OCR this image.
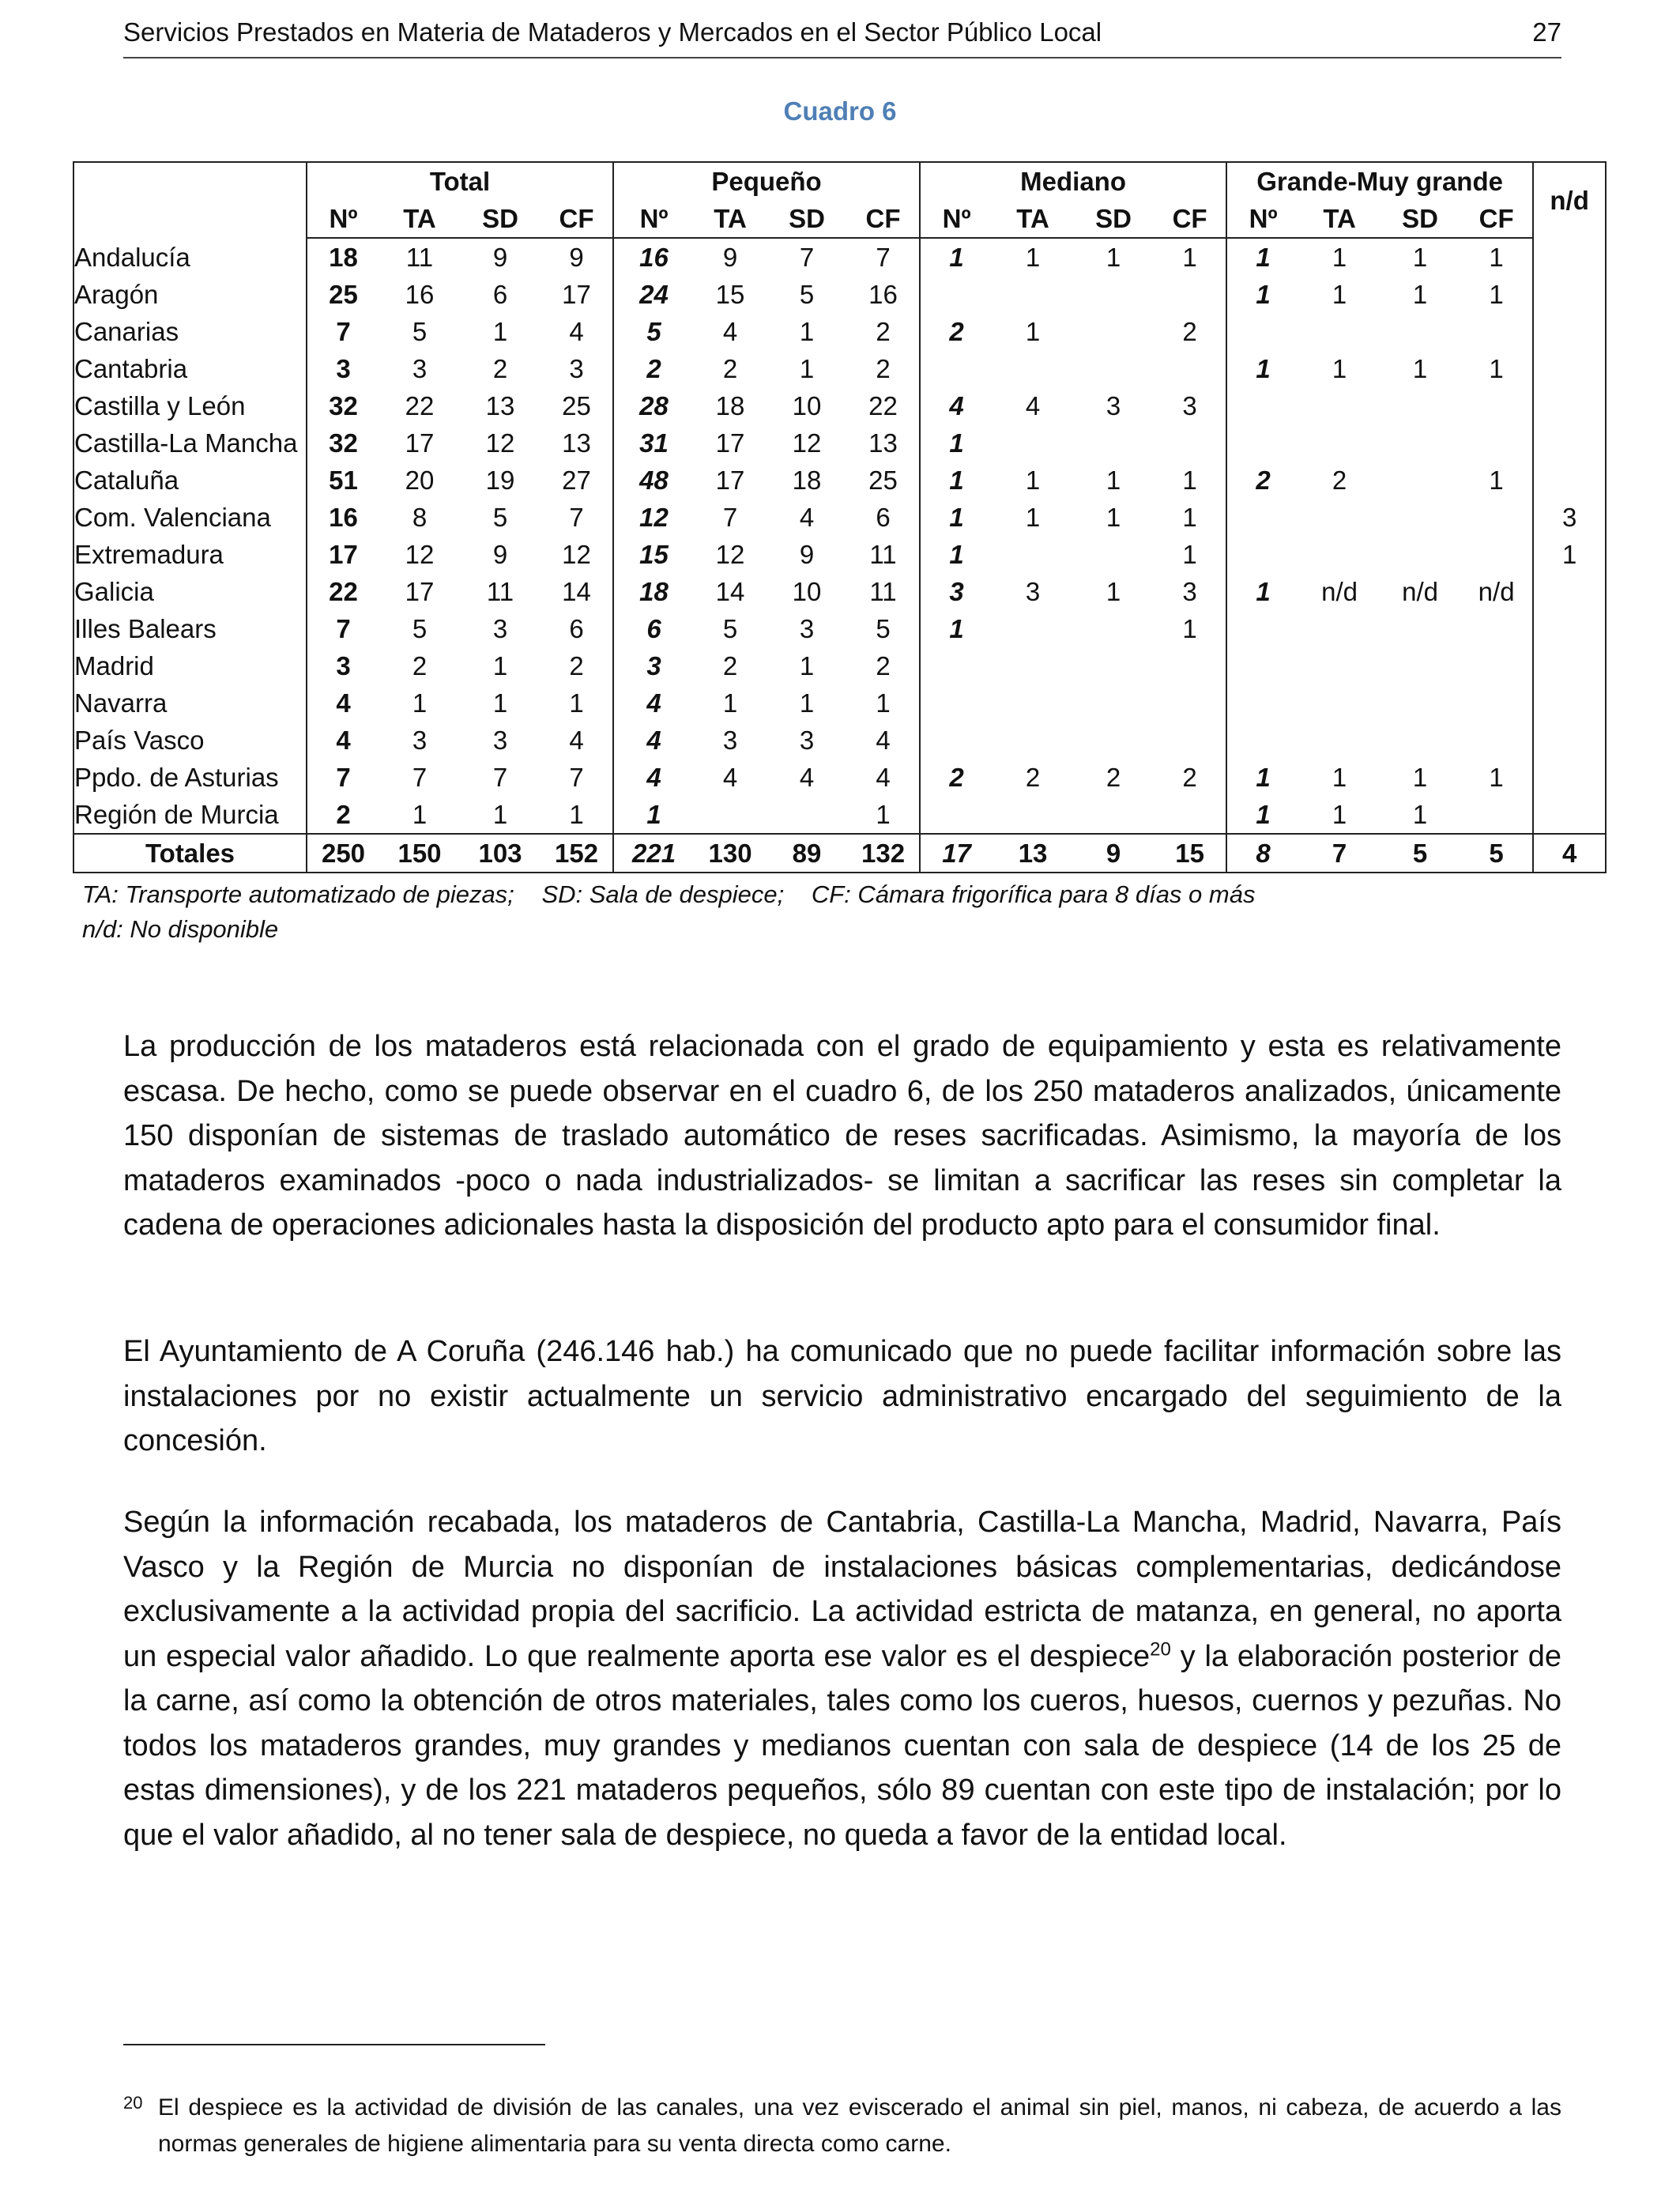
Servicios Prestados en Materia de Mataderos y Mercados en el Sector Público Local	27
Cuadro 6
	Total				Pequeño				Mediano				Grande-Muy grande				n/d
	Nº	TA	SD	CF	Nº	TA	SD	CF	Nº	TA	SD	CF	Nº	TA	SD	CF	
Andalucía	18	11	9	9	16	9	7	7	1	1	1	1	1	1	1	1	
Aragón	25	16	6	17	24	15	5	16					1	1	1	1	
Canarias	7	5	1	4	5	4	1	2	2	1		2					
Cantabria	3	3	2	3	2	2	1	2					1	1	1	1	
Castilla y León	32	22	13	25	28	18	10	22	4	4	3	3					
Castilla-La Mancha	32	17	12	13	31	17	12	13	1								
Cataluña	51	20	19	27	48	17	18	25	1	1	1	1	2	2		1	
Com. Valenciana	16	8	5	7	12	7	4	6	1	1	1	1					3
Extremadura	17	12	9	12	15	12	9	11	1			1					1
Galicia	22	17	11	14	18	14	10	11	3	3	1	3	1	n/d	n/d	n/d	
Illes Balears	7	5	3	6	6	5	3	5	1			1					
Madrid	3	2	1	2	3	2	1	2									
Navarra	4	1	1	1	4	1	1	1									
País Vasco	4	3	3	4	4	3	3	4									
Ppdo. de Asturias	7	7	7	7	4	4	4	4	2	2	2	2	1	1	1	1	
Región de Murcia	2	1	1	1	1			1					1	1	1		
Totales	250	150	103	152	221	130	89	132	17	13	9	15	8	7	5	5	4
TA: Transporte automatizado de piezas; SD: Sala de despiece; CF: Cámara frigorífica para 8 días o más
n/d: No disponible
La producción de los mataderos está relacionada con el grado de equipamiento y esta es relativamente escasa. De hecho, como se puede observar en el cuadro 6, de los 250 mataderos analizados, únicamente 150 disponían de sistemas de traslado automático de reses sacrificadas. Asimismo, la mayoría de los mataderos examinados -poco o nada industrializados- se limitan a sacrificar las reses sin completar la cadena de operaciones adicionales hasta la disposición del producto apto para el consumidor final.
El Ayuntamiento de A Coruña (246.146 hab.) ha comunicado que no puede facilitar información sobre las instalaciones por no existir actualmente un servicio administrativo encargado del seguimiento de la concesión.
Según la información recabada, los mataderos de Cantabria, Castilla-La Mancha, Madrid, Navarra, País Vasco y la Región de Murcia no disponían de instalaciones básicas complementarias, dedicándose exclusivamente a la actividad propia del sacrificio. La actividad estricta de matanza, en general, no aporta un especial valor añadido. Lo que realmente aporta ese valor es el despiece$^{20}$ y la elaboración posterior de la carne, así como la obtención de otros materiales, tales como los cueros, huesos, cuernos y pezuñas. No todos los mataderos grandes, muy grandes y medianos cuentan con sala de despiece (14 de los 25 de estas dimensiones), y de los 221 mataderos pequeños, sólo 89 cuentan con este tipo de instalación; por lo que el valor añadido, al no tener sala de despiece, no queda a favor de la entidad local.
20 El despiece es la actividad de división de las canales, una vez eviscerado el animal sin piel, manos, ni cabeza, de acuerdo a las normas generales de higiene alimentaria para su venta directa como carne.
